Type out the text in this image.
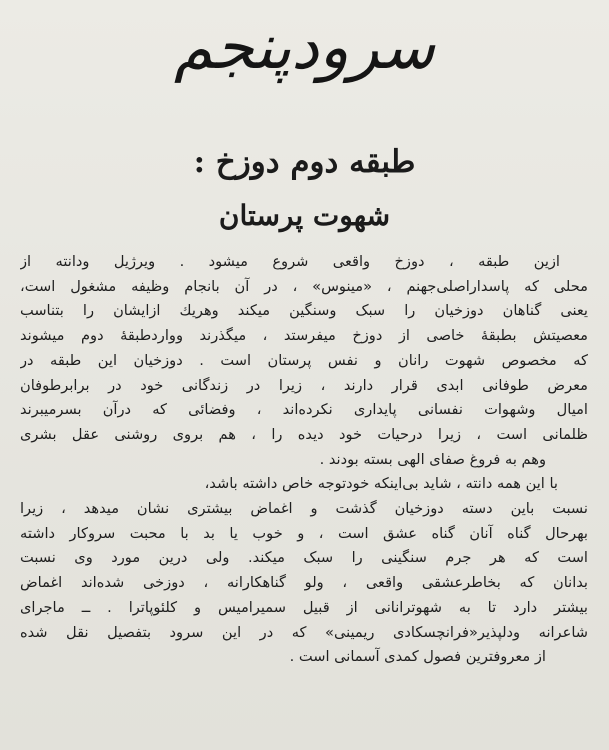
سرودپنجم
طبقه دوم دوزخ :
شهوت پرستان
ازین طبقه ، دوزخ واقعی شروع میشود . ویرژیل ودانته از
محلی که پاسداراصلی‌جهنم ، «مینوس» ، در آن بانجام وظیفه مشغول است،
یعنی گناهان دوزخیان را سبک وسنگین میکند وهریك ازایشان را بتناسب
معصیتش بطبقهٔ خاصی از دوزخ میفرستد ، میگذرند وواردطبقهٔ دوم میشوند
که مخصوص شهوت رانان و نفس پرستان است . دوزخیان این طبقه در
معرض طوفانی ابدی قرار دارند ، زیرا در زندگانی خود در برابرطوفان
امیال وشهوات نفسانی پایداری نکرده‌اند ، وفضائی که درآن بسرمیبرند
ظلمانی است ، زیرا درحیات خود دیده را ، هم بروی روشنی عقل بشری
وهم به فروغ صفای الهی بسته بودند .
با این همه دانته ، شاید بی‌اینکه خودتوجه خاص داشته باشد،
نسبت باین دسته دوزخیان گذشت و اغماض بیشتری نشان میدهد ، زیرا
بهرحال گناه آنان گناه عشق است ، و خوب یا بد با محبت سروکار داشته
است که هر جرم سنگینی را سبک میکند. ولی درین مورد وی نسبت
بدانان که بخاطرعشقی واقعی ، ولو گناهکارانه ، دوزخی شده‌اند اغماض
بیشتر دارد تا به شهوترانانی از قبیل سمیرامیس و کلئوپاترا . ــ ماجرای
شاعرانه ودلپذیر«فرانچسکادی ریمینی» که در این سرود بتفصیل نقل شده
از معروفترین فصول کمدی آسمانی است .
